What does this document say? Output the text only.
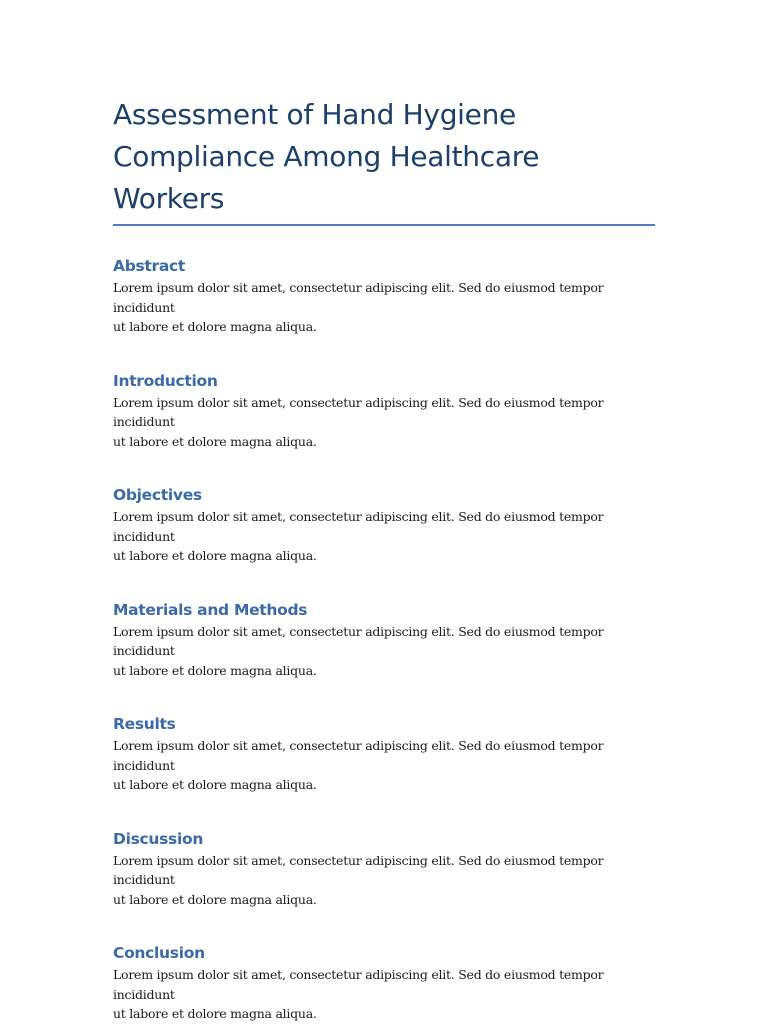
Assessment of Hand Hygiene
Compliance Among Healthcare Workers
Abstract

Lorem ipsum dolor sit amet, consectetur adipiscing elit. Sed do eiusmod tempor incididunt
ut labore et dolore magna aliqua.

Introduction

Lorem ipsum dolor sit amet, consectetur adipiscing elit. Sed do eiusmod tempor incididunt
ut labore et dolore magna aliqua.

Objectives

Lorem ipsum dolor sit amet, consectetur adipiscing elit. Sed do eiusmod tempor incididunt
ut labore et dolore magna aliqua.

Materials and Methods

Lorem ipsum dolor sit amet, consectetur adipiscing elit. Sed do eiusmod tempor incididunt
ut labore et dolore magna aliqua.

Results

Lorem ipsum dolor sit amet, consectetur adipiscing elit. Sed do eiusmod tempor incididunt
ut labore et dolore magna aliqua.

Discussion

Lorem ipsum dolor sit amet, consectetur adipiscing elit. Sed do eiusmod tempor incididunt
ut labore et dolore magna aliqua.

Conclusion

Lorem ipsum dolor sit amet, consectetur adipiscing elit. Sed do eiusmod tempor incididunt
ut labore et dolore magna aliqua.
